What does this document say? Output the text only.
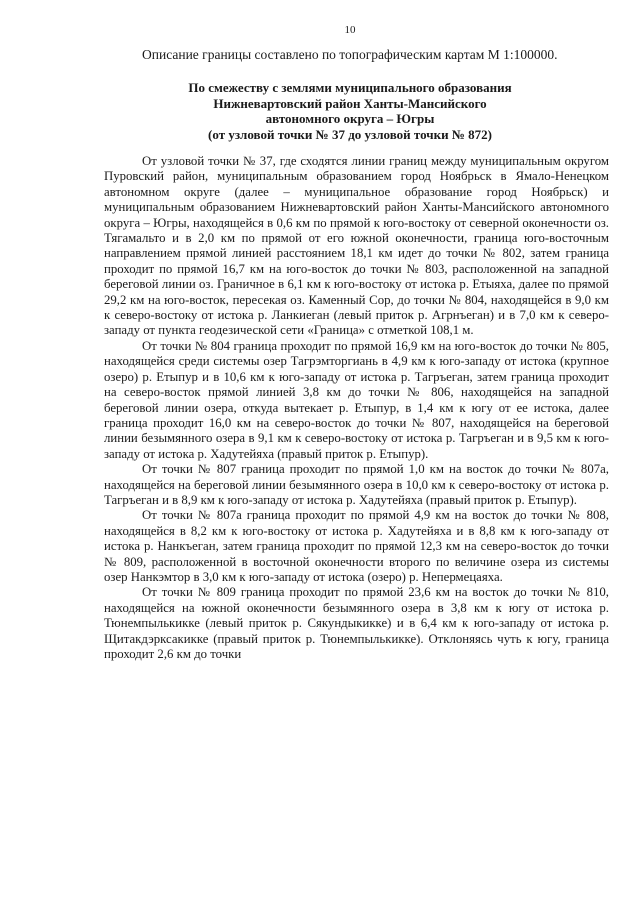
10
Описание границы составлено по топографическим картам М 1:100000.
По смежеству с землями муниципального образования
Нижневартовский район Ханты-Мансийского
автономного округа – Югры
(от узловой точки № 37 до узловой точки № 872)

От узловой точки № 37, где сходятся линии границ между муниципальным округом Пуровский район, муниципальным образованием город Ноябрьск в Ямало-Ненецком автономном округе (далее – муниципальное образование город Ноябрьск) и муниципальным образованием Нижневартовский район Ханты-Мансийского автономного округа – Югры, находящейся в 0,6 км по прямой к юго-востоку от северной оконечности оз. Тягамальто и в 2,0 км по прямой от его южной оконечности, граница юго-восточным направлением прямой линией расстоянием 18,1 км идет до точки № 802, затем граница проходит по прямой 16,7 км на юго-восток до точки № 803, расположенной на западной береговой линии оз. Граничное в 6,1 км к юго-востоку от истока р. Етыяха, далее по прямой 29,2 км на юго-восток, пересекая оз. Каменный Сор, до точки № 804, находящейся в 9,0 км к северо-востоку от истока р. Ланкиеган (левый приток р. Агрнъеган) и в 7,0 км к северо-западу от пункта геодезической сети «Граница» с отметкой 108,1 м.

От точки № 804 граница проходит по прямой 16,9 км на юго-восток до точки № 805, находящейся среди системы озер Тагрэмторгиань в 4,9 км к юго-западу от истока (крупное озеро) р. Етыпур и в 10,6 км к юго-западу от истока р. Тагръеган, затем граница проходит на северо-восток прямой линией 3,8 км до точки № 806, находящейся на западной береговой линии озера, откуда вытекает р. Етыпур, в 1,4 км к югу от ее истока, далее граница проходит 16,0 км на северо-восток до точки № 807, находящейся на береговой линии безымянного озера в 9,1 км к северо-востоку от истока р. Тагръеган и в 9,5 км к юго-западу от истока р. Хадутейяха (правый приток р. Етыпур).

От точки № 807 граница проходит по прямой 1,0 км на восток до точки № 807а, находящейся на береговой линии безымянного озера в 10,0 км к северо-востоку от истока р. Тагръеган и в 8,9 км к юго-западу от истока р. Хадутейяха (правый приток р. Етыпур).

От точки № 807а граница проходит по прямой 4,9 км на восток до точки № 808, находящейся в 8,2 км к юго-востоку от истока р. Хадутейяха и в 8,8 км к юго-западу от истока р. Нанкъеган, затем граница проходит по прямой 12,3 км на северо-восток до точки № 809, расположенной в восточной оконечности второго по величине озера из системы озер Нанкэмтор в 3,0 км к юго-западу от истока (озеро) р. Непермецаяха.

От точки № 809 граница проходит по прямой 23,6 км на восток до точки № 810, находящейся на южной оконечности безымянного озера в 3,8 км к югу от истока р. Тюнемпылькикке (левый приток р. Сякундыкикке) и в 6,4 км к юго-западу от истока р. Щитакдэрксакикке (правый приток р. Тюнемпылькикке). Отклоняясь чуть к югу, граница проходит 2,6 км до точки
